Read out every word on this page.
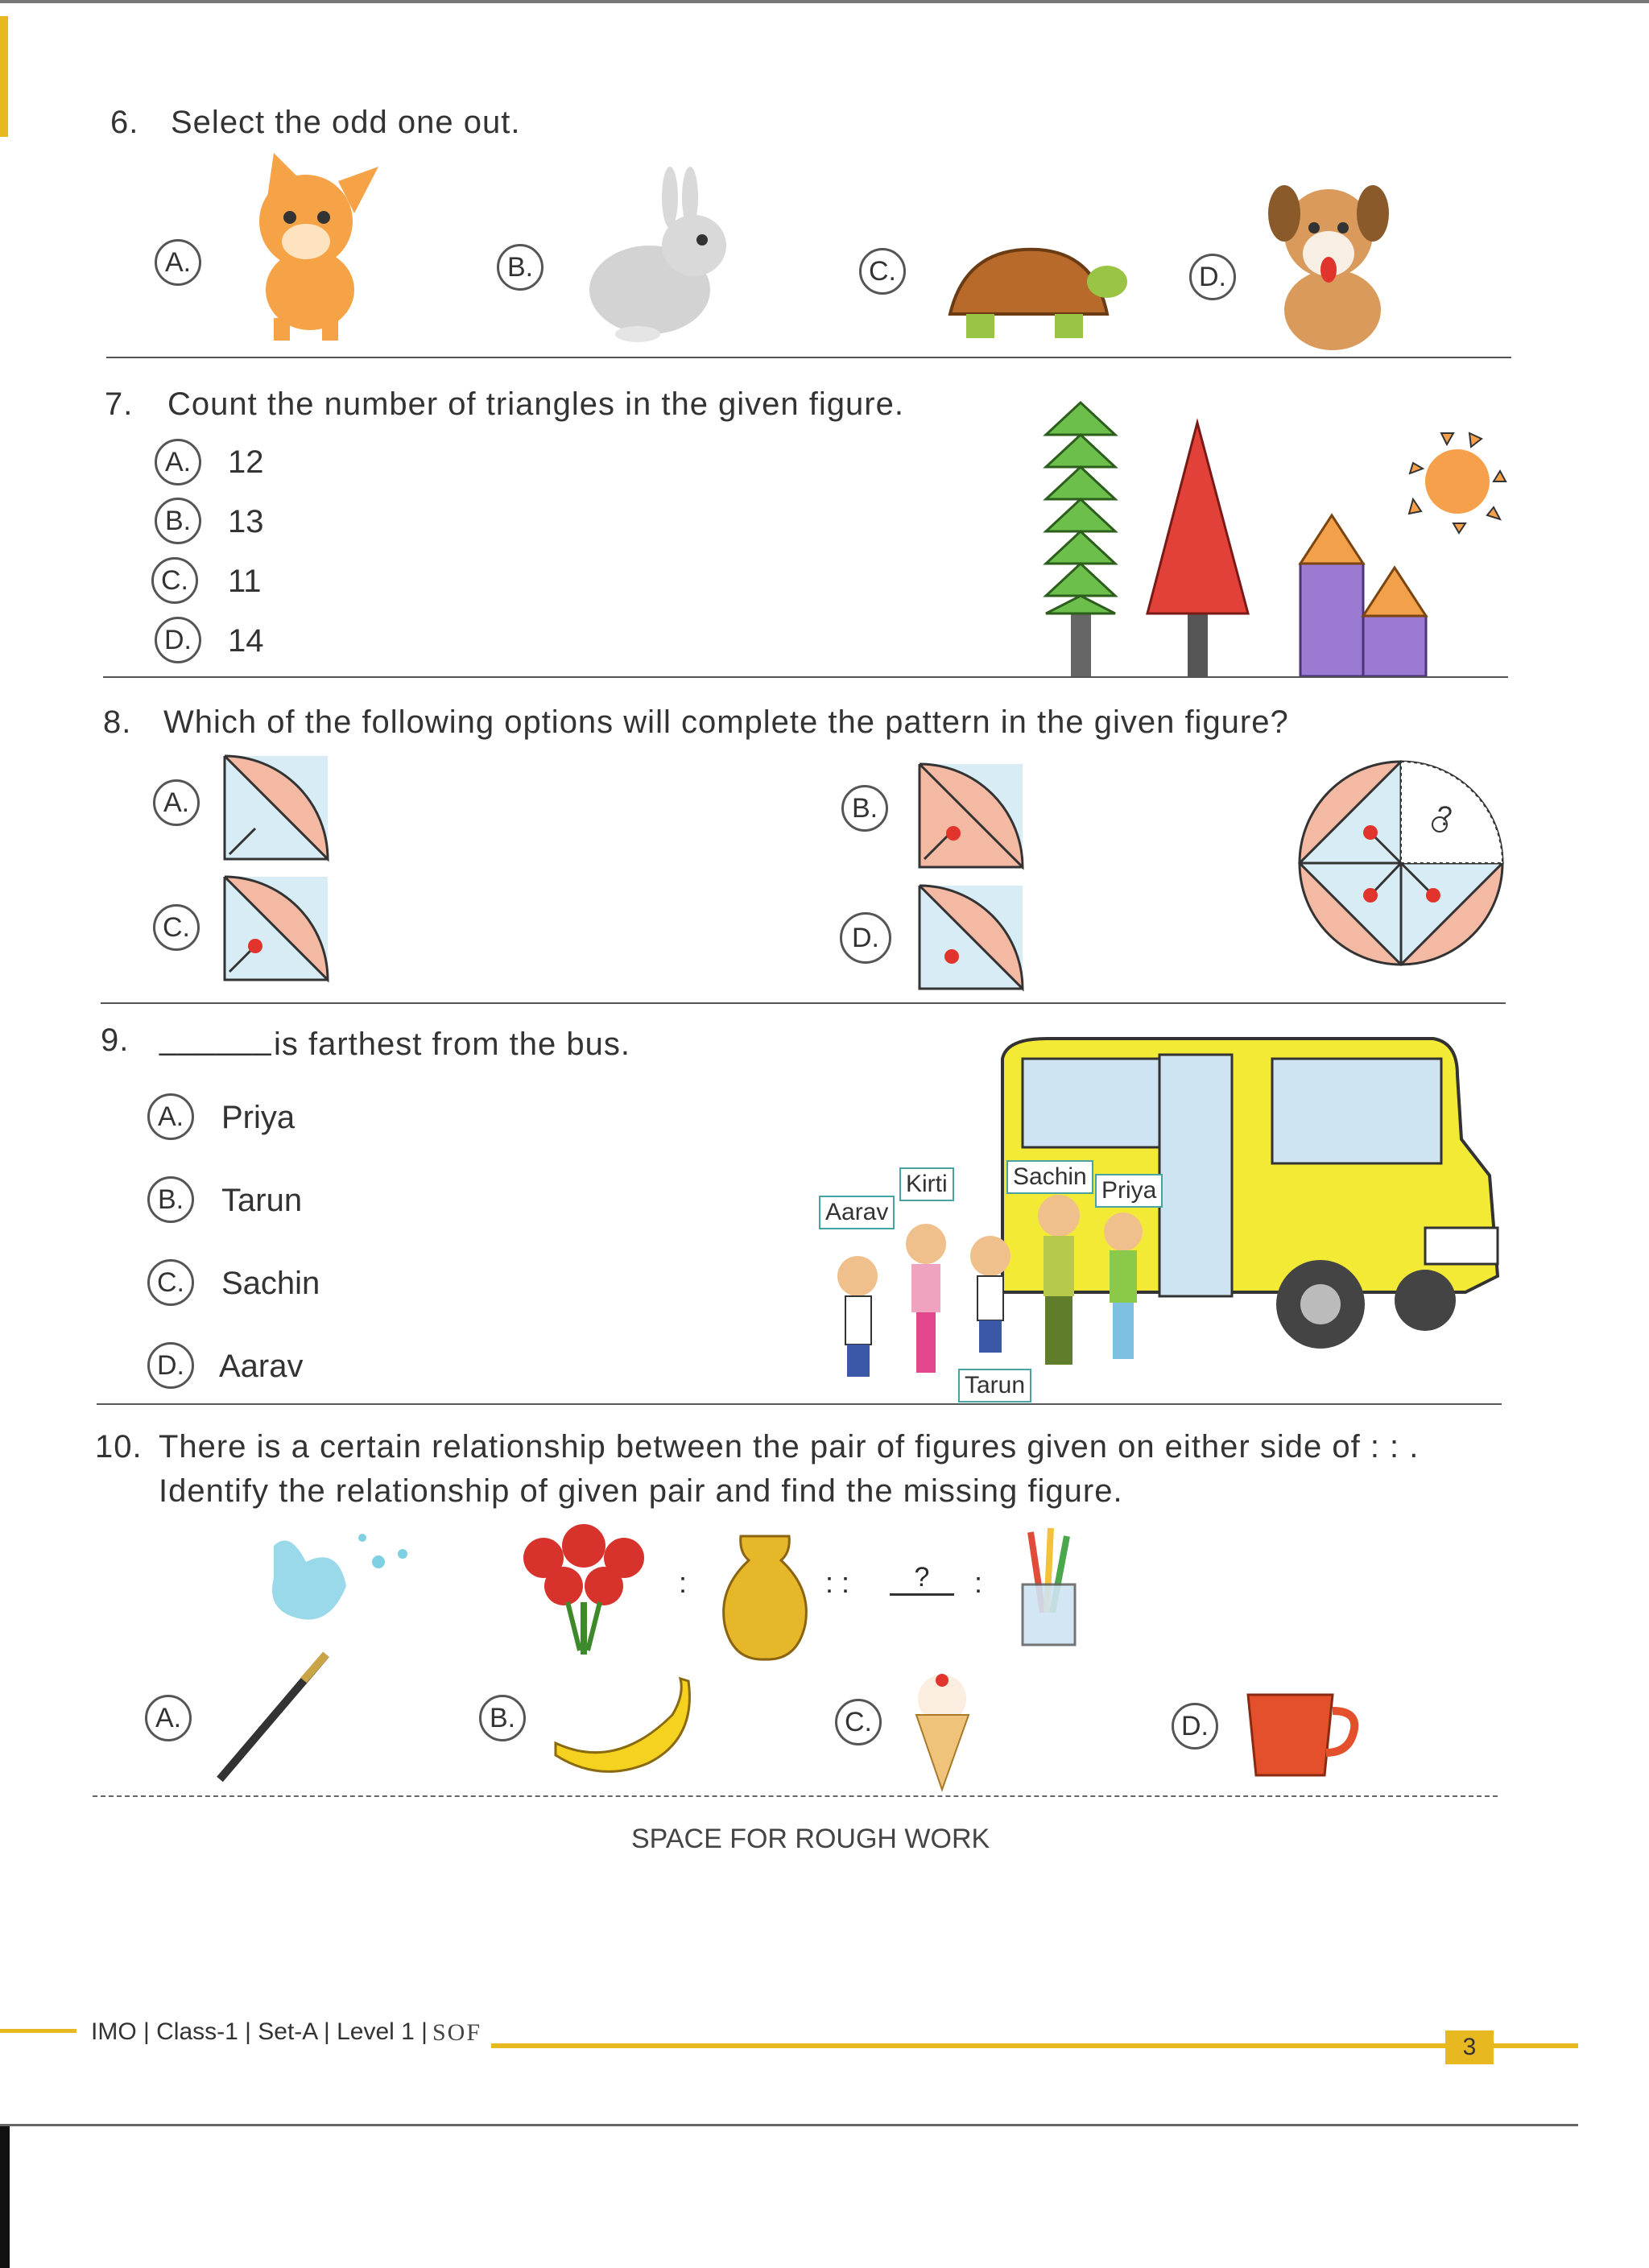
6. Select the odd one out.
A.	B.	C.	D.
7. Count the number of triangles in the given figure.
A.	12
B.	13
C.	11
D.	14
8. Which of the following options will complete the pattern in the given figure?
A.
C.
B.
D.
?
9. ______ is farthest from the bus.
A.	Priya
B.	Tarun
C.	Sachin
D.	Aarav
Aarav
Kirti	Sachin
Priya
Tarun
10. There is a certain relationship between the pair of figures given on either side of : : .
Identify the relationship of given pair and find the missing figure.
:	: :	?	:
A.	B.	C.	D.
SPACE FOR ROUGH WORK
IMO | Class-1 | Set-A | Level 1 | SOF
3
